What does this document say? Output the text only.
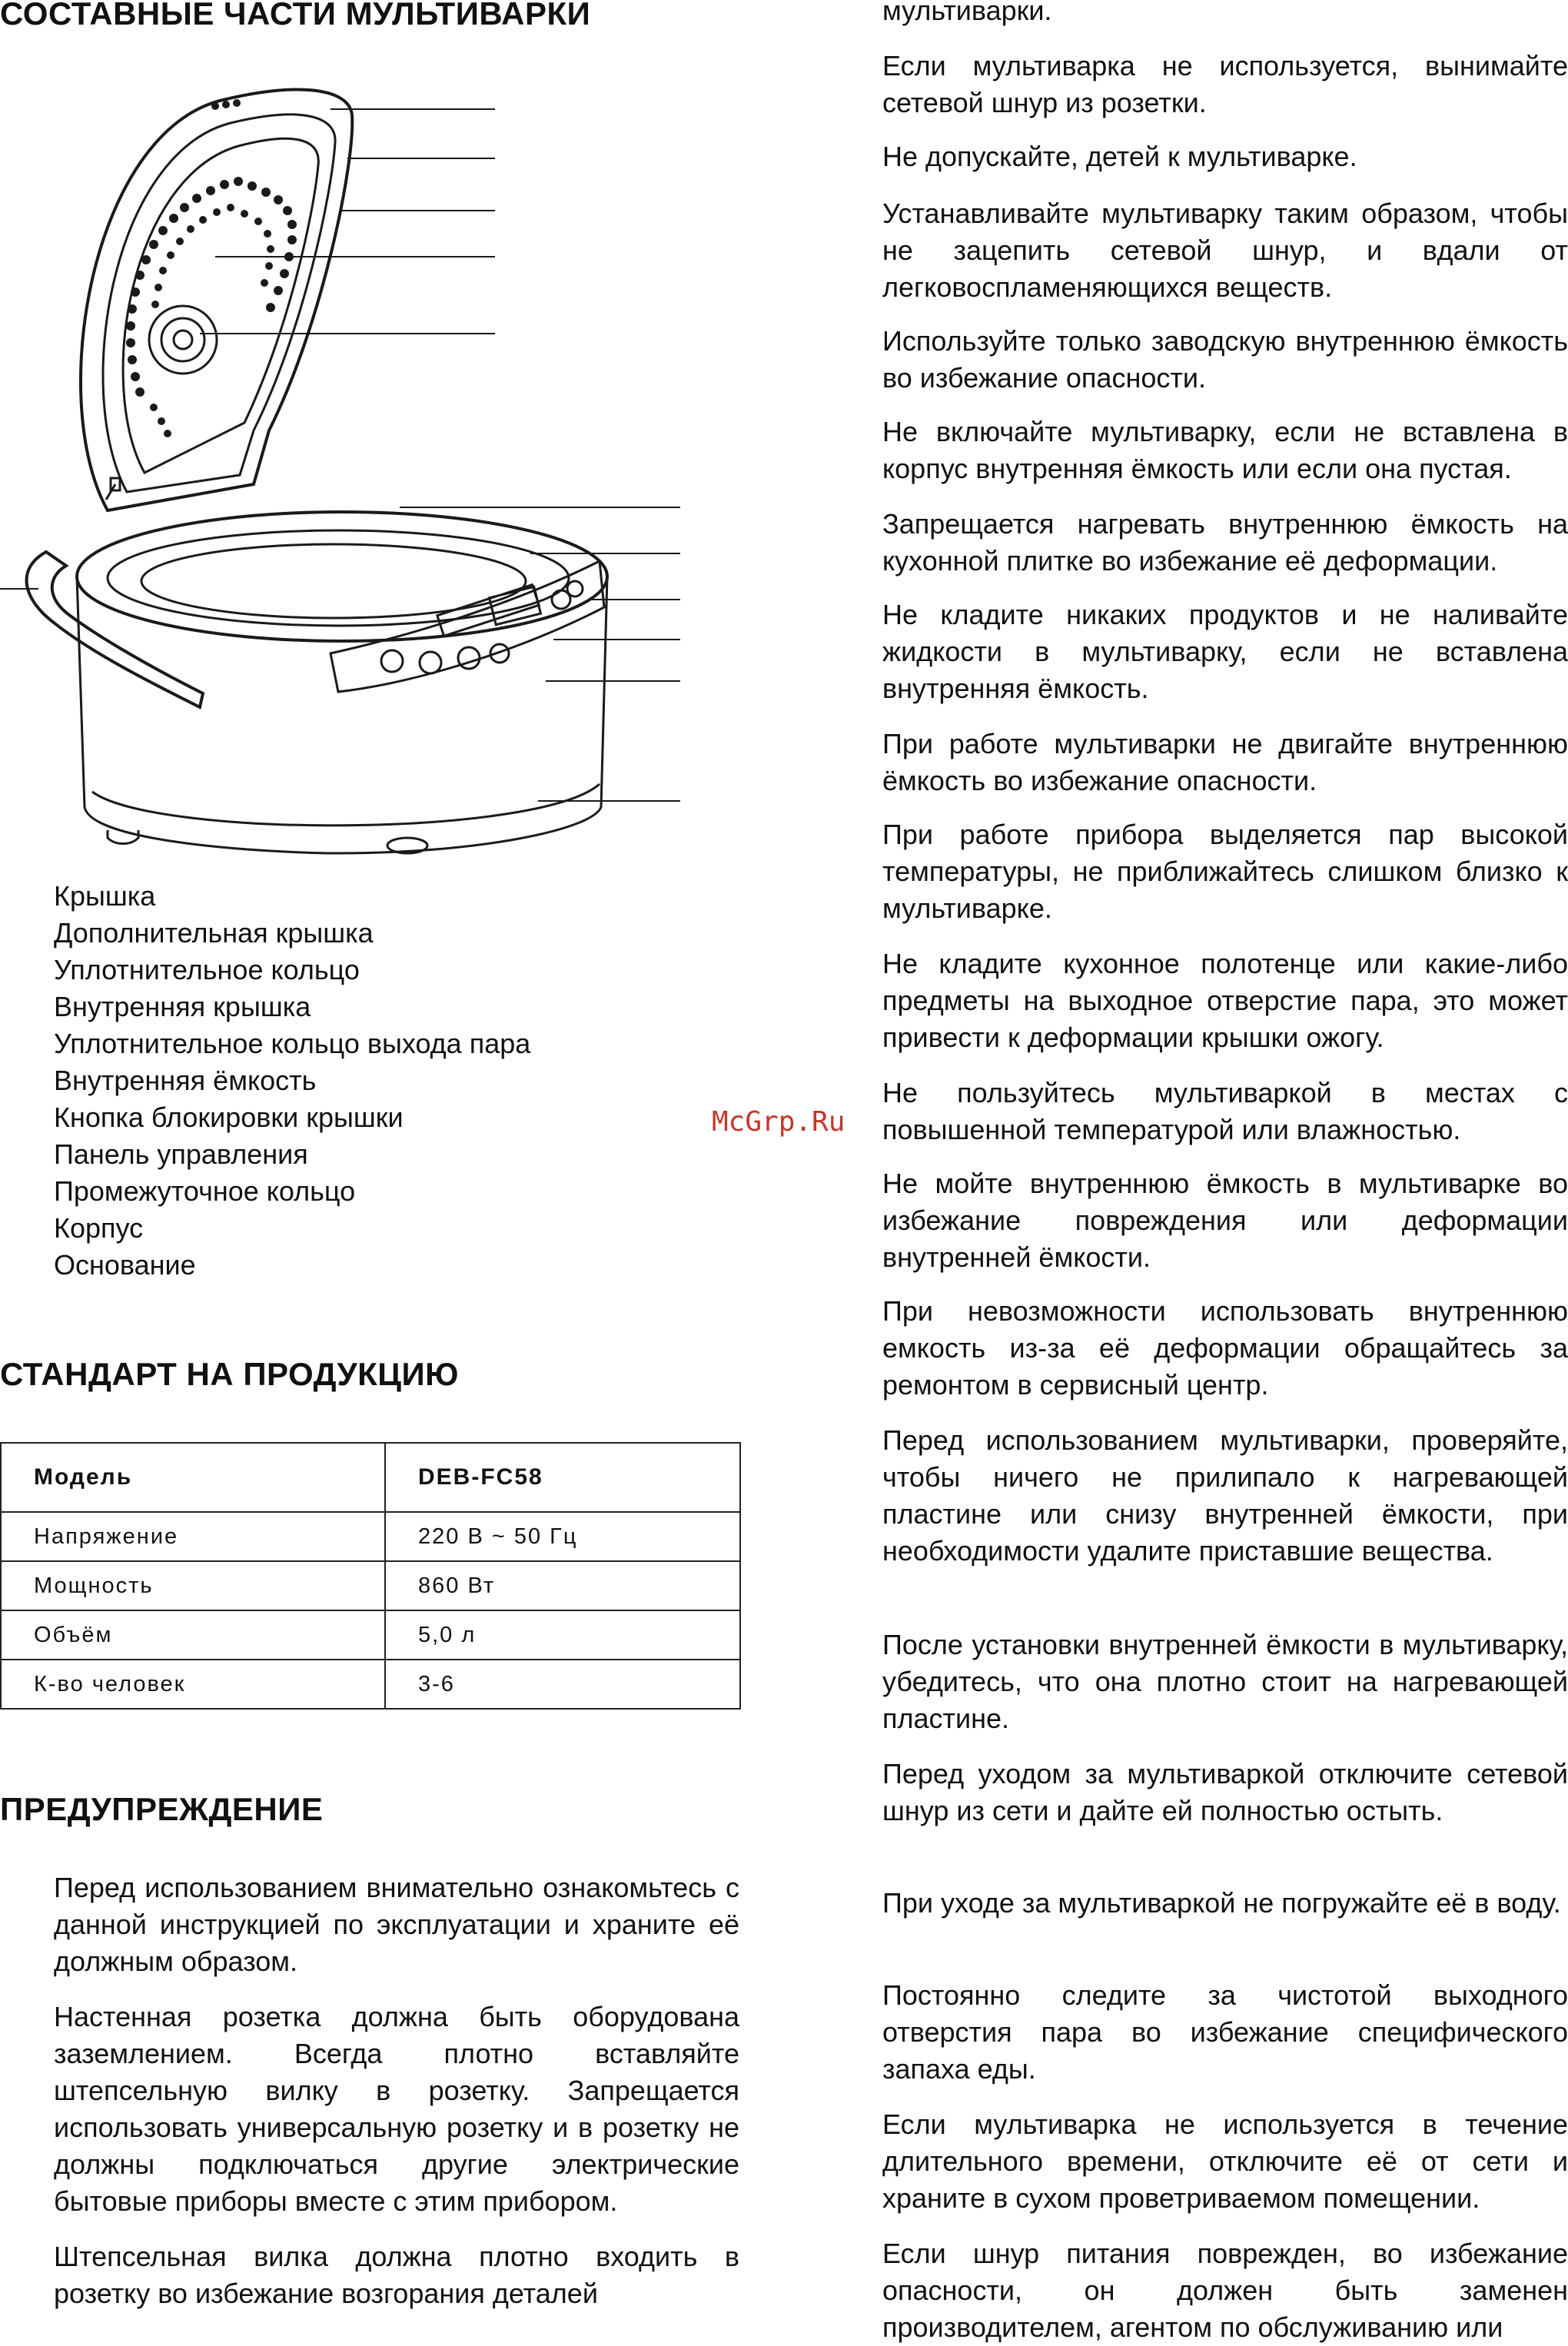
СОСТАВНЫЕ ЧАСТИ МУЛЬТИВАРКИ
Крышка
Дополнительная крышка
Уплотнительное кольцо
Внутренняя крышка
Уплотнительное кольцо выхода пара
Внутренняя ёмкость
Кнопка блокировки крышки
Панель управления
Промежуточное кольцо
Корпус
Основание
СТАНДАРТ НА ПРОДУКЦИЮ
Модель	DEB-FC58
Напряжение	220 В ~ 50 Гц
Мощность	860 Вт
Объём	5,0 л
К-во человек	3-6
ПРЕДУПРЕЖДЕНИЕ

Перед использованием внимательно ознакомьтесь с данной инструкцией по эксплуатации и храните её должным образом.

Настенная розетка должна быть оборудована заземлением. Всегда плотно вставляйте штепсельную вилку в розетку. Запрещается использовать универсальную розетку и в розетку не должны подключаться другие электрические бытовые приборы вместе с этим прибором.

Штепсельная вилка должна плотно входить в розетку во избежание возгорания деталей

мультиварки.

Если мультиварка не используется, вынимайте сетевой шнур из розетки.

Не допускайте, детей к мультиварке.

Устанавливайте мультиварку таким образом, чтобы не зацепить сетевой шнур, и вдали от легковоспламеняющихся веществ.

Используйте только заводскую внутреннюю ёмкость во избежание опасности.

Не включайте мультиварку, если не вставлена в корпус внутренняя ёмкость или если она пустая.

Запрещается нагревать внутреннюю ёмкость на кухонной плитке во избежание её деформации.

Не кладите никаких продуктов и не наливайте жидкости в мультиварку, если не вставлена внутренняя ёмкость.

При работе мультиварки не двигайте внутреннюю ёмкость во избежание опасности.

При работе прибора выделяется пар высокой температуры, не приближайтесь слишком близко к мультиварке.

Не кладите кухонное полотенце или какие-либо предметы на выходное отверстие пара, это может привести к деформации крышки ожогу.

Не пользуйтесь мультиваркой в местах с повышенной температурой или влажностью.

Не мойте внутреннюю ёмкость в мультиварке во избежание повреждения или деформации внутренней ёмкости.

При невозможности использовать внутреннюю емкость из-за её деформации обращайтесь за ремонтом в сервисный центр.

Перед использованием мультиварки, проверяйте, чтобы ничего не прилипало к нагревающей пластине или снизу внутренней ёмкости, при необходимости удалите приставшие вещества.

После установки внутренней ёмкости в мультиварку, убедитесь, что она плотно стоит на нагревающей пластине.

Перед уходом за мультиваркой отключите сетевой шнур из сети и дайте ей полностью остыть.

При уходе за мультиваркой не погружайте её в воду.

Постоянно следите за чистотой выходного отверстия пара во избежание специфического запаха еды.

Если мультиварка не используется в течение длительного времени, отключите её от сети и храните в сухом проветриваемом помещении.

Если шнур питания поврежден, во избежание опасности, он должен быть заменен производителем, агентом по обслуживанию или

McGrp.Ru
